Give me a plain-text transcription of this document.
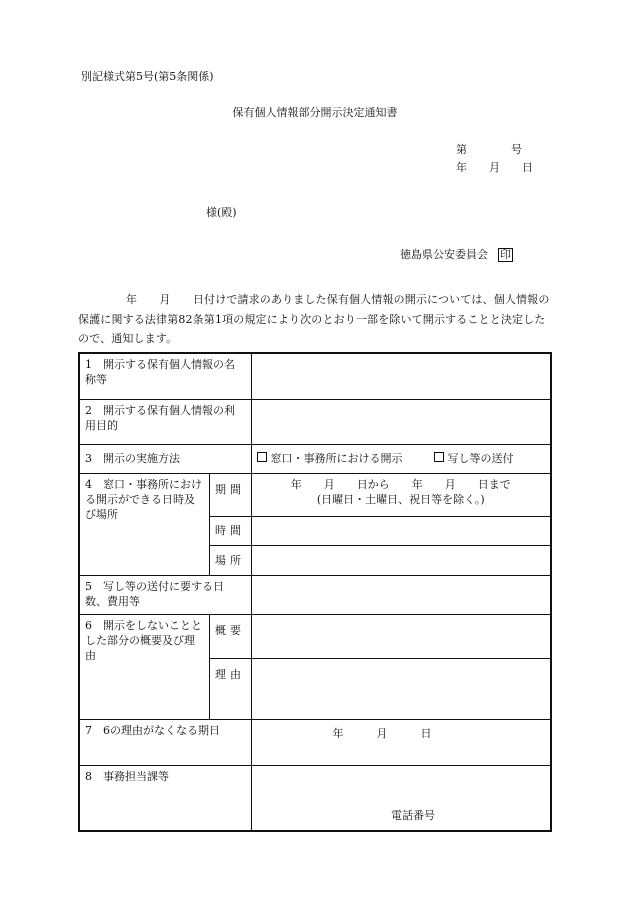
別記様式第5号(第5条関係)
保有個人情報部分開示決定通知書
第　　　　号
年　　月　　日
様(殿)
徳島県公安委員会 印
年　　月　　日付けで請求のありました保有個人情報の開示については、個人情報の保護に関する法律第82条第1項の規定により次のとおり一部を除いて開示することと決定したので、通知します。
1　開示する保有個人情報の名称等		
2　開示する保有個人情報の利用目的		
3　開示の実施方法		窓口・事務所における開示 写し等の送付
4　窓口・事務所における開示ができる日時及び場所	期間	年　　月　　日から　　年　　月　　日まで
(日曜日・土曜日、祝日等を除く。)

	時間	
	場所	
5　写し等の送付に要する日数、費用等		
6　開示をしないこととした部分の概要及び理由	概要	
	理由	
7　6の理由がなくなる期日		年　　　月　　　日
8　事務担当課等		電話番号
